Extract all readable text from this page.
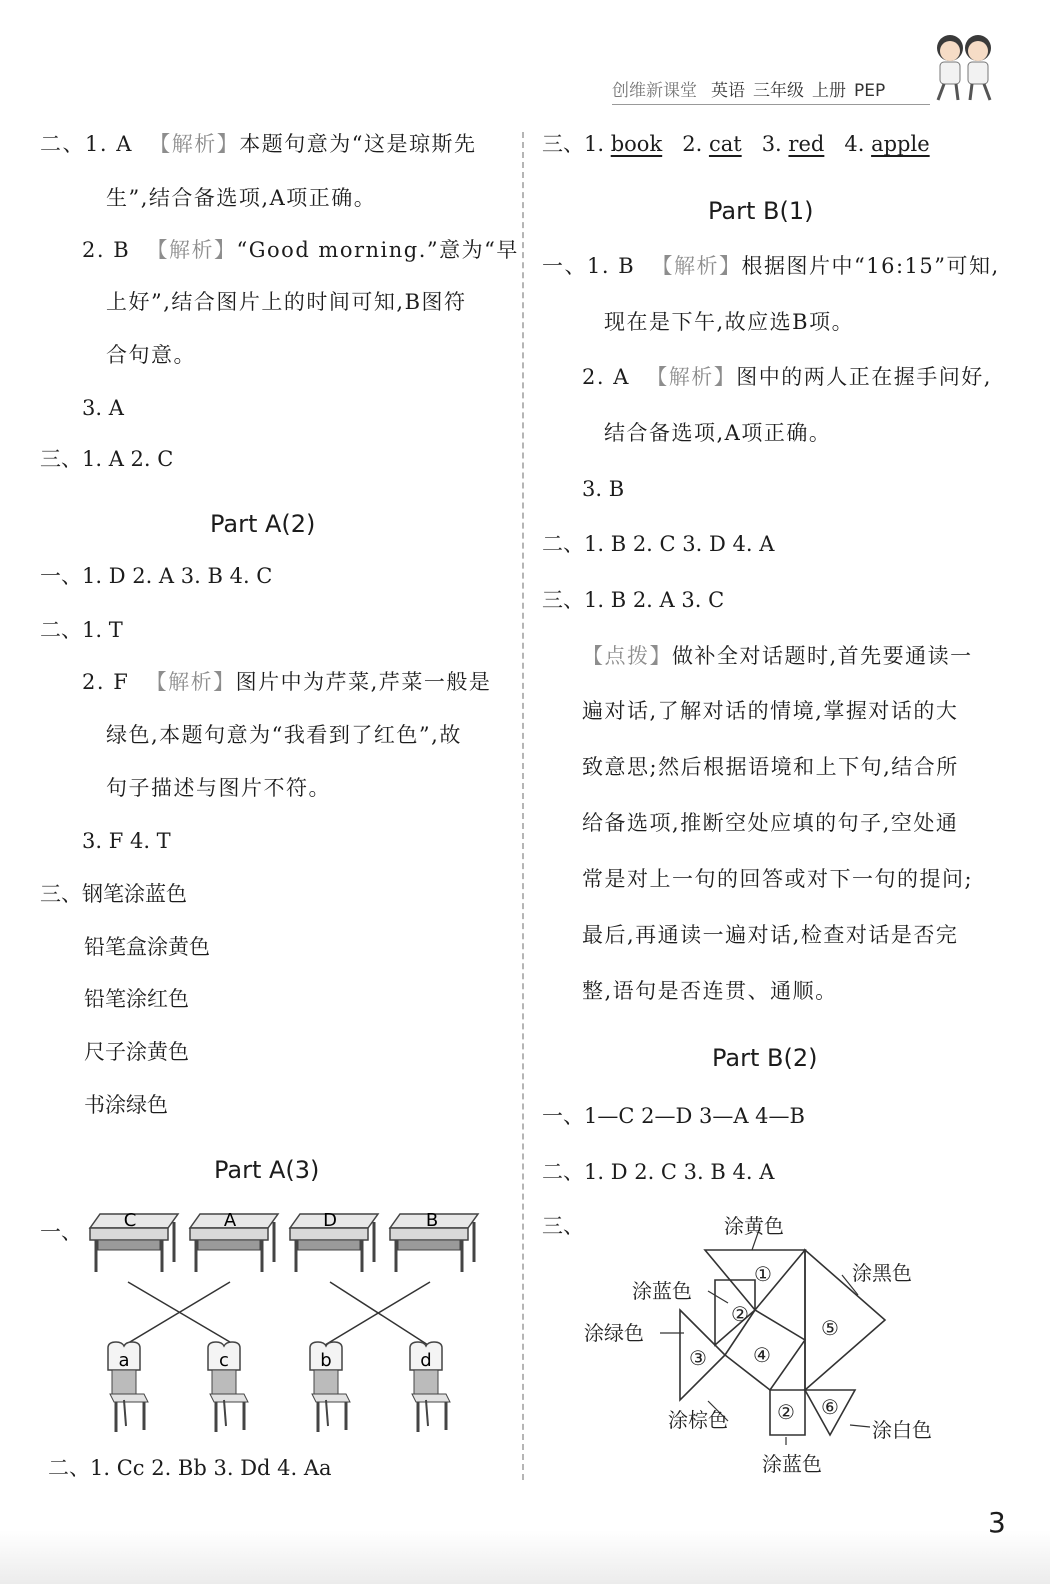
创维新课堂 英语 三年级 上册 PEP
二、1. A 【解析】本题句意为“这是琼斯先
生”,结合备选项,A项正确。
2. B 【解析】“Good morning.”意为“早
上好”,结合图片上的时间可知,B图符
合句意。
3. A
三、1. A 2. C
Part A(2)
一、1. D 2. A 3. B 4. C
二、1. T
2. F 【解析】图片中为芹菜,芹菜一般是
绿色,本题句意为“我看到了红色”,故
句子描述与图片不符。
3. F 4. T
三、钢笔涂蓝色
铅笔盒涂黄色
铅笔涂红色
尺子涂黄色
书涂绿色
Part A(3)
一、 C	A	D	B
a	c	b	d
二、1. Cc 2. Bb 3. Dd 4. Aa
三、1. book   2. cat   3. red   4. apple
Part B(1)
一、1. B 【解析】根据图片中“16:15”可知,
现在是下午,故应选B项。
2. A 【解析】图中的两人正在握手问好,
结合备选项,A项正确。
3. B
二、1. B 2. C 3. D 4. A
三、1. B 2. A 3. C
【点拨】做补全对话题时,首先要通读一
遍对话,了解对话的情境,掌握对话的大
致意思;然后根据语境和上下句,结合所
给备选项,推断空处应填的句子,空处通
常是对上一句的回答或对下一句的提问;
最后,再通读一遍对话,检查对话是否完
整,语句是否连贯、通顺。
Part B(2)
一、1—C 2—D 3—A 4—B
二、1. D 2. C 3. B 4. A
三、
①
②
③ ④
⑤
② ⑥
涂黄色
涂黑色
涂蓝色
涂绿色
涂棕色	涂白色
涂蓝色
3
